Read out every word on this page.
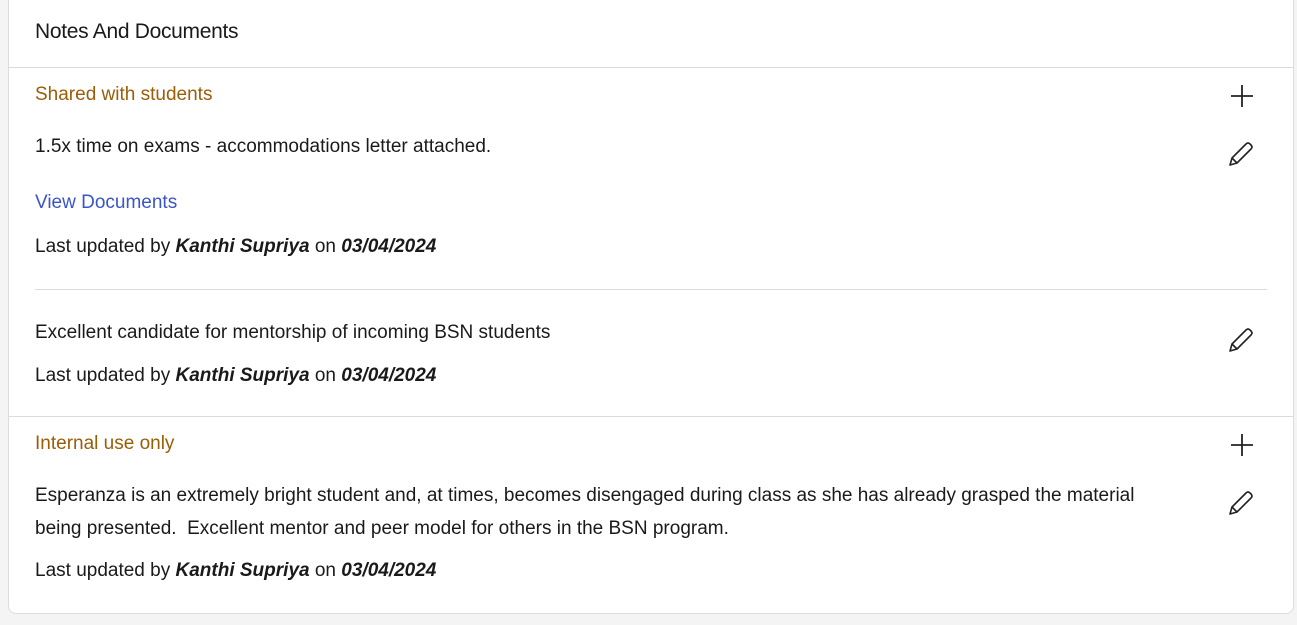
Notes And Documents
Shared with students
1.5x time on exams - accommodations letter attached.
View Documents
Last updated by Kanthi Supriya on 03/04/2024
Excellent candidate for mentorship of incoming BSN students
Last updated by Kanthi Supriya on 03/04/2024
Internal use only
Esperanza is an extremely bright student and, at times, becomes disengaged during class as she has already grasped the material
being presented.  Excellent mentor and peer model for others in the BSN program.
Last updated by Kanthi Supriya on 03/04/2024
